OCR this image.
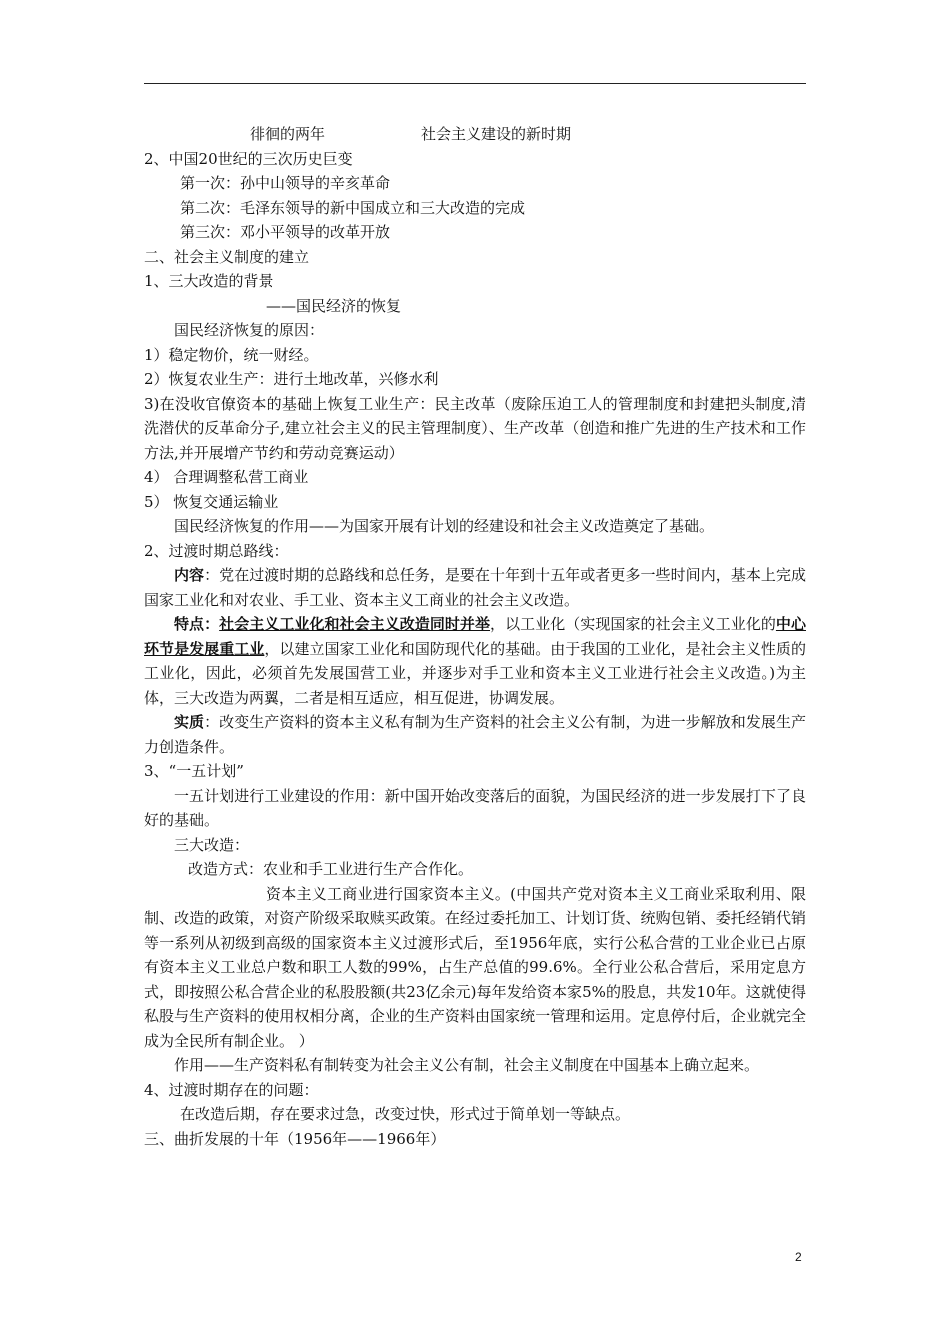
徘徊的两年	社会主义建设的新时期

2、中国20世纪的三次历史巨变

第一次：孙中山领导的辛亥革命

第二次：毛泽东领导的新中国成立和三大改造的完成

第三次：邓小平领导的改革开放

二、社会主义制度的建立

1、三大改造的背景

——国民经济的恢复

国民经济恢复的原因：

1）稳定物价，统一财经。

2）恢复农业生产：进行土地改革，兴修水利

3)在没收官僚资本的基础上恢复工业生产：民主改革（废除压迫工人的管理制度和封建把头制度,清洗潜伏的反革命分子,建立社会主义的民主管理制度）、生产改革（创造和推广先进的生产技术和工作方法,并开展增产节约和劳动竞赛运动）

4） 合理调整私营工商业

5） 恢复交通运输业

国民经济恢复的作用——为国家开展有计划的经建设和社会主义改造奠定了基础。

2、过渡时期总路线：

内容：党在过渡时期的总路线和总任务，是要在十年到十五年或者更多一些时间内，基本上完成国家工业化和对农业、手工业、资本主义工商业的社会主义改造。

特点：社会主义工业化和社会主义改造同时并举，以工业化（实现国家的社会主义工业化的中心环节是发展重工业，以建立国家工业化和国防现代化的基础。由于我国的工业化，是社会主义性质的工业化，因此，必须首先发展国营工业，并逐步对手工业和资本主义工业进行社会主义改造。)为主体，三大改造为两翼，二者是相互适应，相互促进，协调发展。

实质：改变生产资料的资本主义私有制为生产资料的社会主义公有制，为进一步解放和发展生产力创造条件。

3、“一五计划”

一五计划进行工业建设的作用：新中国开始改变落后的面貌，为国民经济的进一步发展打下了良好的基础。

三大改造：

改造方式：农业和手工业进行生产合作化。

资本主义工商业进行国家资本主义。(中国共产党对资本主义工商业采取利用、限制、改造的政策，对资产阶级采取赎买政策。在经过委托加工、计划订货、统购包销、委托经销代销等一系列从初级到高级的国家资本主义过渡形式后，至1956年底，实行公私合营的工业企业已占原有资本主义工业总户数和职工人数的99%，占生产总值的99.6%。全行业公私合营后，采用定息方式，即按照公私合营企业的私股股额(共23亿余元)每年发给资本家5%的股息，共发10年。这就使得私股与生产资料的使用权相分离，企业的生产资料由国家统一管理和运用。定息停付后，企业就完全成为全民所有制企业。 ）

作用——生产资料私有制转变为社会主义公有制，社会主义制度在中国基本上确立起来。

4、过渡时期存在的问题：

在改造后期，存在要求过急，改变过快，形式过于简单划一等缺点。

三、曲折发展的十年（1956年——1966年）

2
